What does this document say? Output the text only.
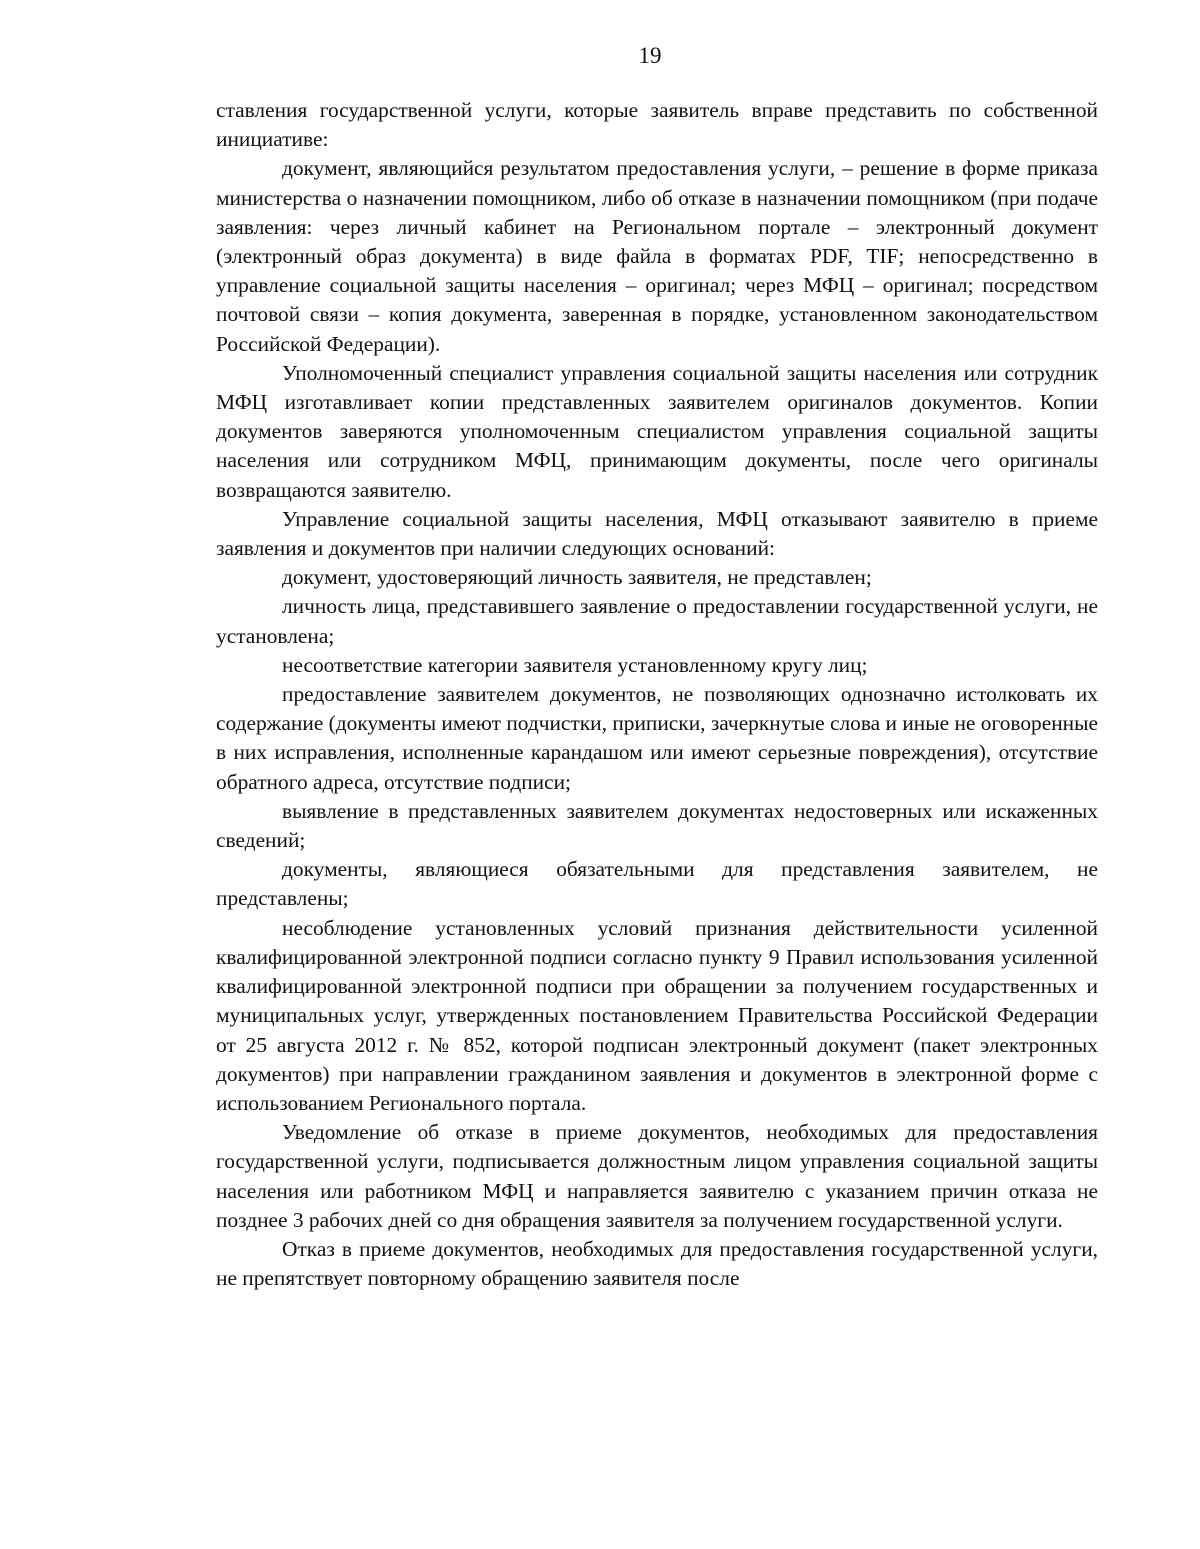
19

ставления государственной услуги, которые заявитель вправе представить по собственной инициативе:

документ, являющийся результатом предоставления услуги, – решение в форме приказа министерства о назначении помощником, либо об отказе в назначении помощником (при подаче заявления: через личный кабинет на Региональном портале – электронный документ (электронный образ документа) в виде файла в форматах PDF, TIF; непосредственно в управление социальной защиты населения – оригинал; через МФЦ – оригинал; посредством почтовой связи – копия документа, заверенная в порядке, установленном законодательством Российской Федерации).

Уполномоченный специалист управления социальной защиты населения или сотрудник МФЦ изготавливает копии представленных заявителем оригиналов документов. Копии документов заверяются уполномоченным специалистом управления социальной защиты населения или сотрудником МФЦ, принимающим документы, после чего оригиналы возвращаются заявителю.

Управление социальной защиты населения, МФЦ отказывают заявителю в приеме заявления и документов при наличии следующих оснований:

документ, удостоверяющий личность заявителя, не представлен;

личность лица, представившего заявление о предоставлении государственной услуги, не установлена;

несоответствие категории заявителя установленному кругу лиц;

предоставление заявителем документов, не позволяющих однозначно истолковать их содержание (документы имеют подчистки, приписки, зачеркнутые слова и иные не оговоренные в них исправления, исполненные карандашом или имеют серьезные повреждения), отсутствие обратного адреса, отсутствие подписи;

выявление в представленных заявителем документах недостоверных или искаженных сведений;

документы, являющиеся обязательными для представления заявителем, не представлены;

несоблюдение установленных условий признания действительности усиленной квалифицированной электронной подписи согласно пункту 9 Правил использования усиленной квалифицированной электронной подписи при обращении за получением государственных и муниципальных услуг, утвержденных постановлением Правительства Российской Федерации от 25 августа 2012 г. № 852, которой подписан электронный документ (пакет электронных документов) при направлении гражданином заявления и документов в электронной форме с использованием Регионального портала.

Уведомление об отказе в приеме документов, необходимых для предоставления государственной услуги, подписывается должностным лицом управления социальной защиты населения или работником МФЦ и направляется заявителю с указанием причин отказа не позднее 3 рабочих дней со дня обращения заявителя за получением государственной услуги.

Отказ в приеме документов, необходимых для предоставления государственной услуги, не препятствует повторному обращению заявителя после
